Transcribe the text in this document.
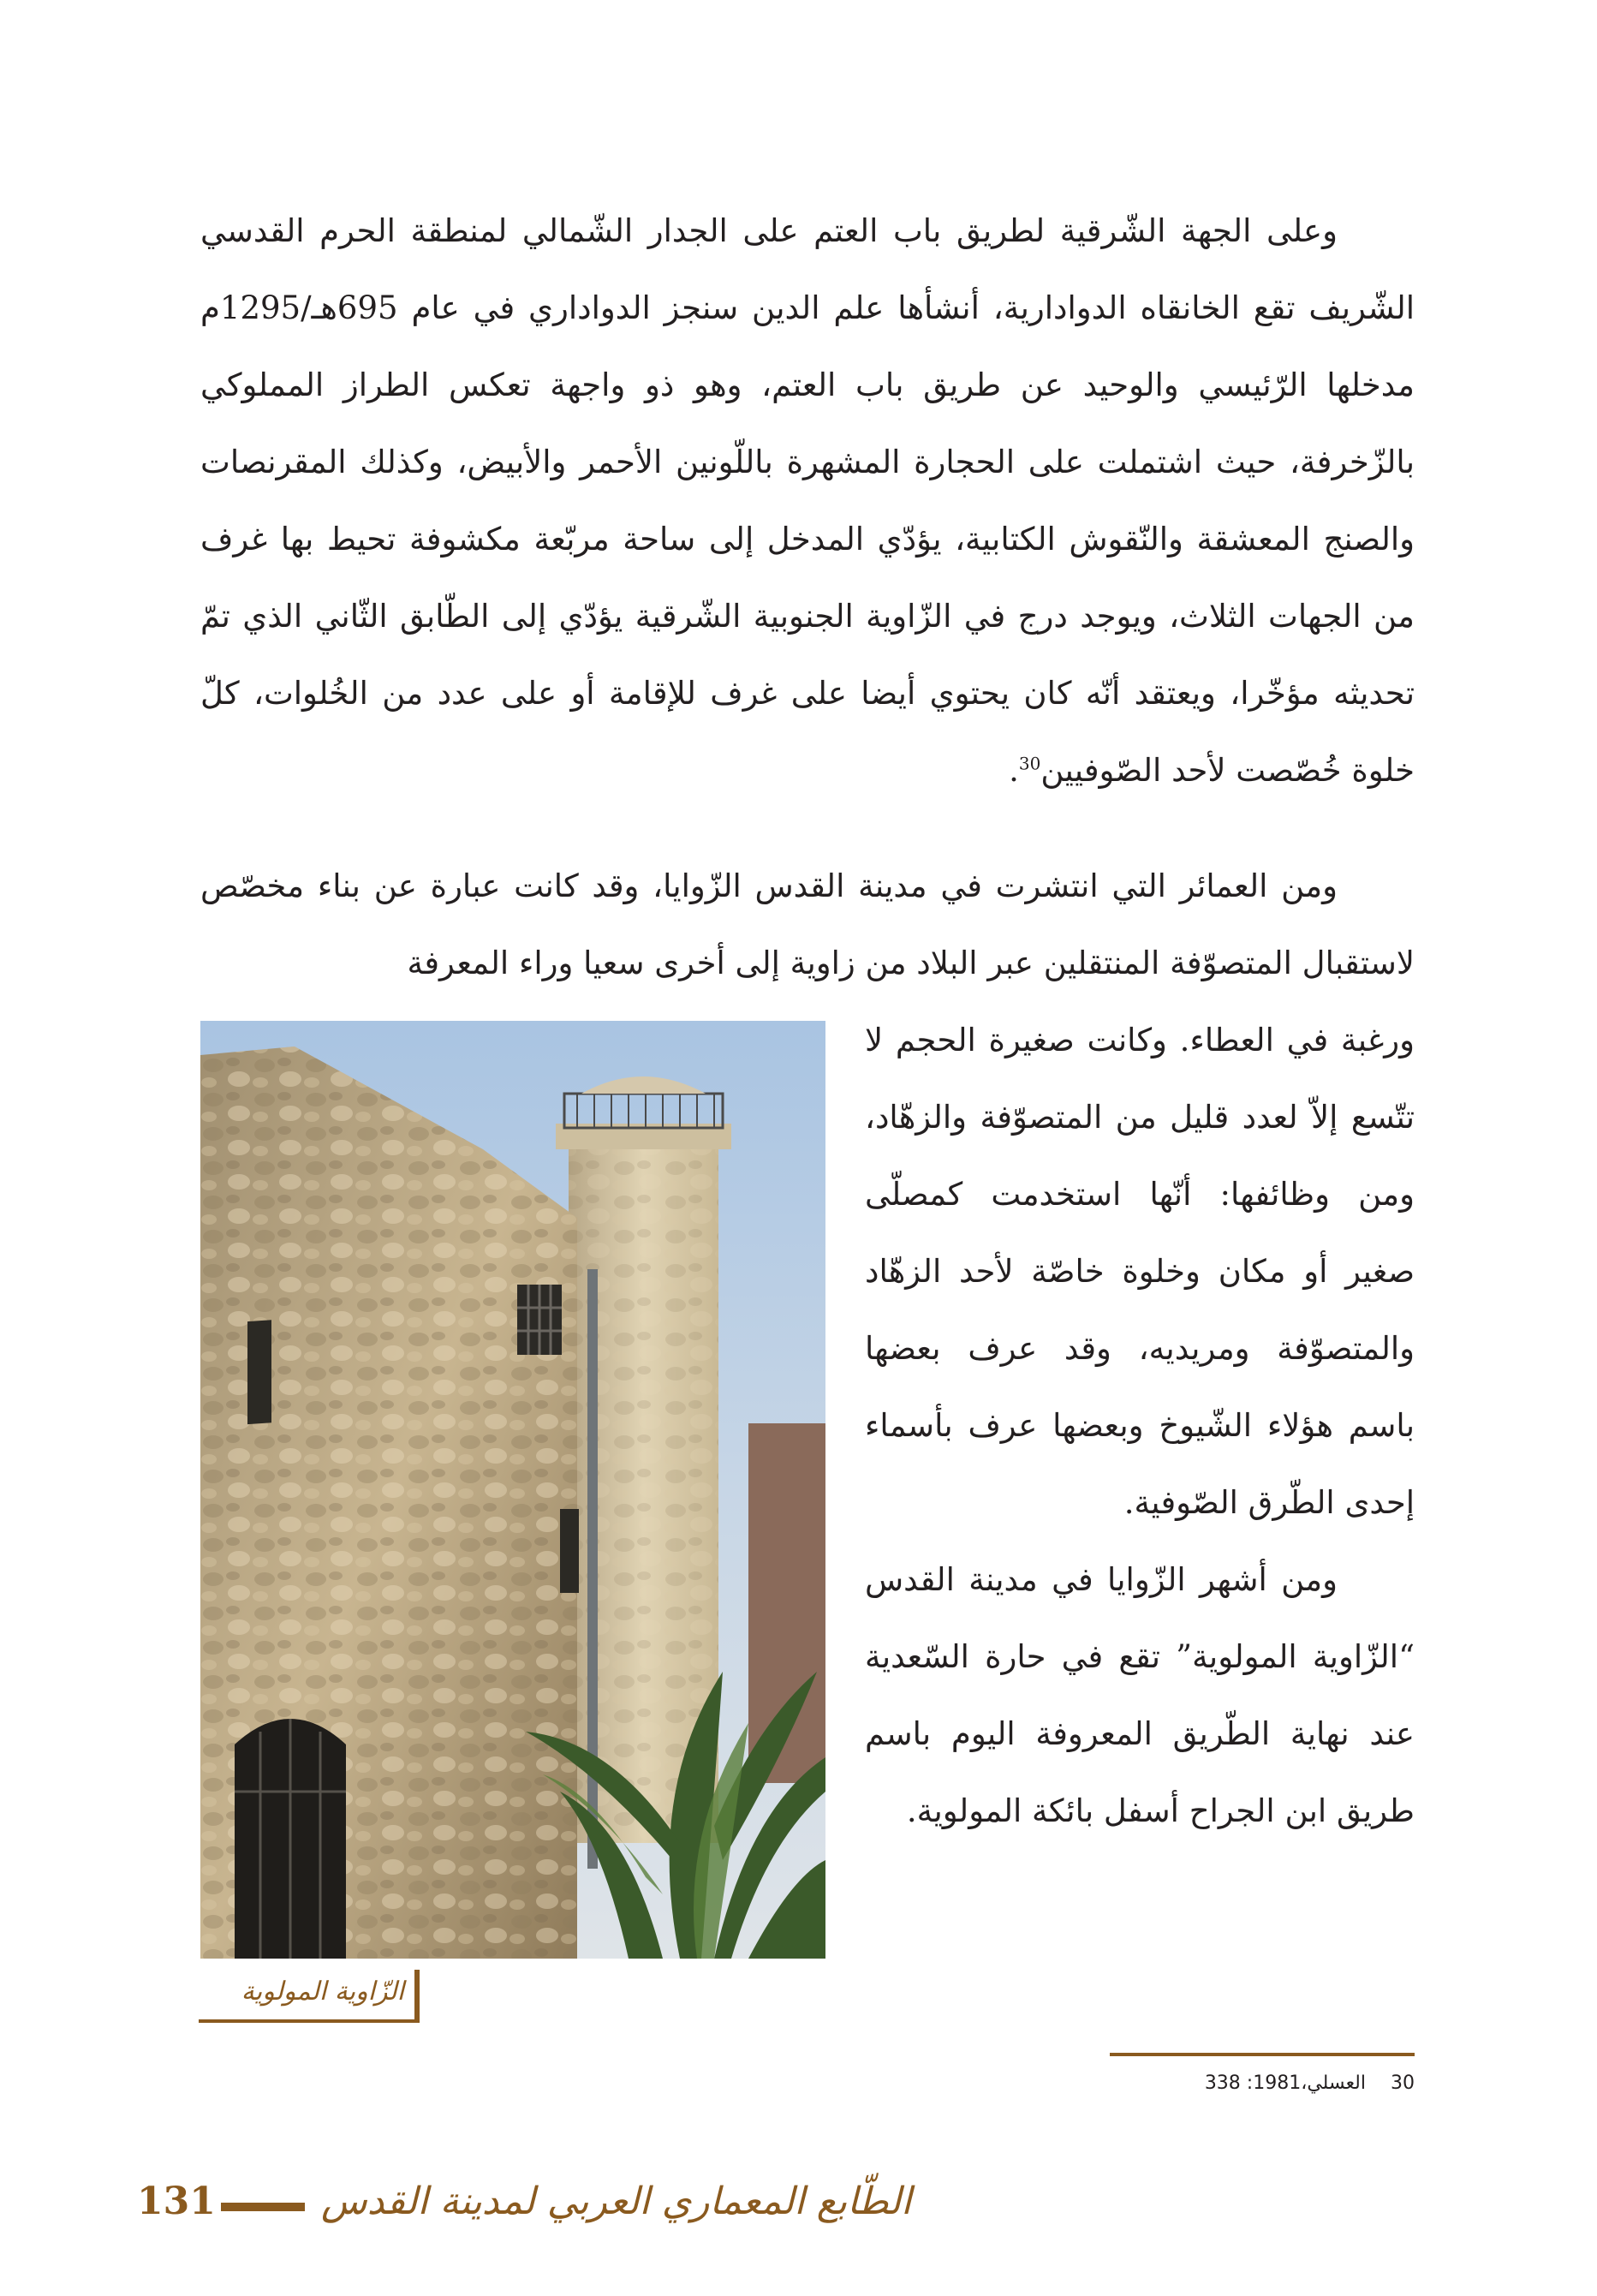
وعلى الجهة الشّرقية لطريق باب العتم على الجدار الشّمالي لمنطقة الحرم القدسي الشّريف تقع الخانقاه الدوادارية، أنشأها علم الدين سنجز الدواداري في عام 695هـ/1295م مدخلها الرّئيسي والوحيد عن طريق باب العتم، وهو ذو واجهة تعكس الطراز المملوكي بالزّخرفة، حيث اشتملت على الحجارة المشهرة باللّونين الأحمر والأبيض، وكذلك المقرنصات والصنج المعشقة والنّقوش الكتابية، يؤدّي المدخل إلى ساحة مربّعة مكشوفة تحيط بها غرف من الجهات الثلاث، ويوجد درج في الزّاوية الجنوبية الشّرقية يؤدّي إلى الطّابق الثّاني الذي تمّ تحديثه مؤخّرا، ويعتقد أنّه كان يحتوي أيضا على غرف للإقامة أو على عدد من الخُلوات، كلّ خلوة خُصّصت لأحد الصّوفيين$^{30}$.
ومن العمائر التي انتشرت في مدينة القدس الزّوايا، وقد كانت عبارة عن بناء مخصّص لاستقبال المتصوّفة المنتقلين عبر البلاد من زاوية إلى أخرى سعيا وراء المعرفة

ورغبة في العطاء. وكانت صغيرة الحجم لا تتّسع إلاّ لعدد قليل من المتصوّفة والزهّاد، ومن وظائفها: أنّها استخدمت كمصلّى صغير أو مكان وخلوة خاصّة لأحد الزهّاد والمتصوّفة ومريديه، وقد عرف بعضها باسم هؤلاء الشّيوخ وبعضها عرف بأسماء إحدى الطّرق الصّوفية.

ومن أشهر الزّوايا في مدينة القدس “الزّاوية المولوية” تقع في حارة السّعدية عند نهاية الطّريق المعروفة اليوم باسم طريق ابن الجراح أسفل بائكة المولوية.

الزّاوية المولوية
30 العسلي،1981: 338
131	الطّابع المعماري العربي لمدينة القدس
